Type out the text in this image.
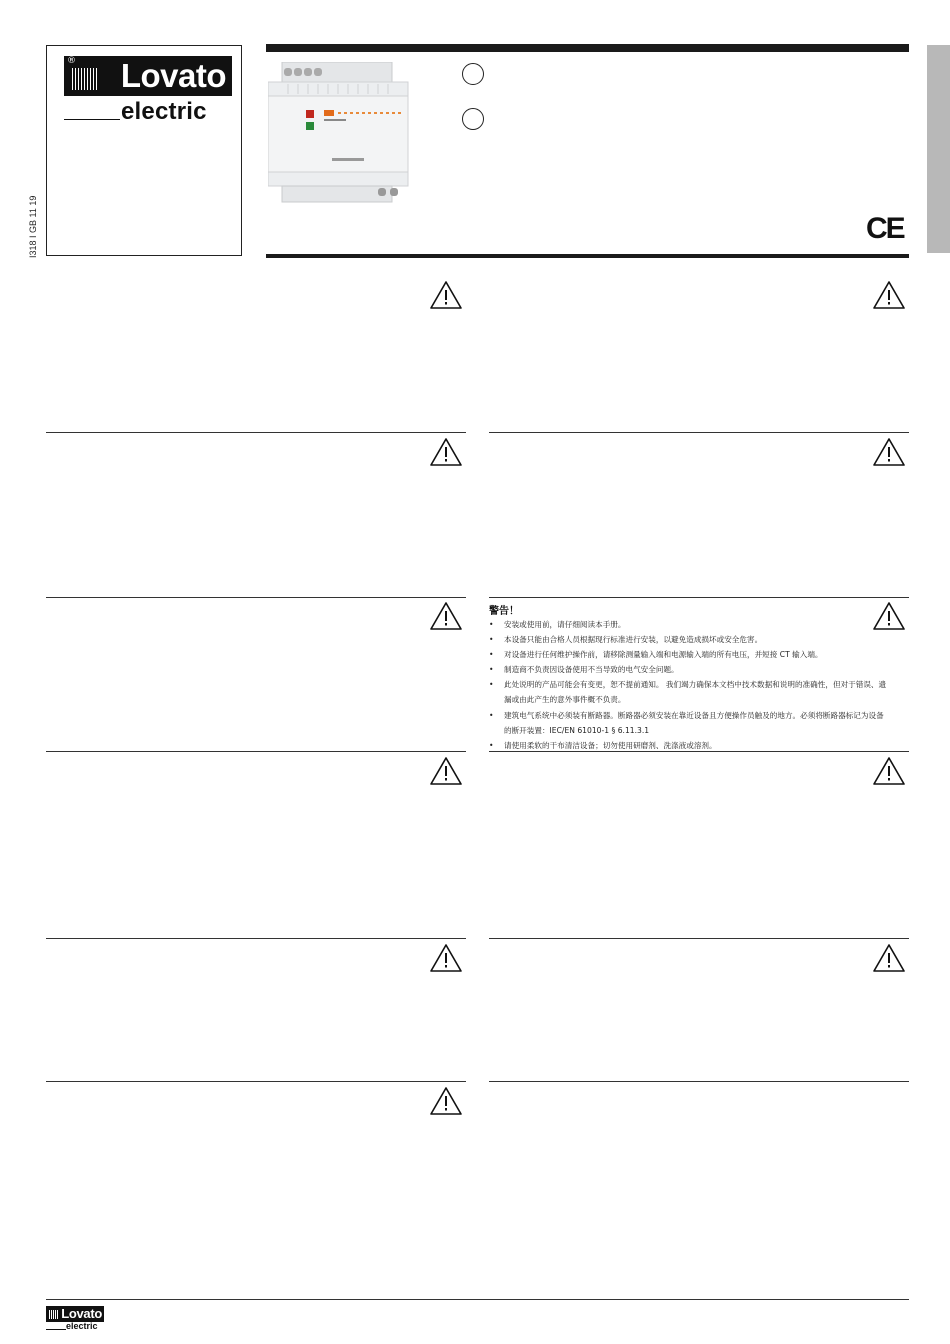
® Lovato
electric
I318 I GB 11 19	CE
警告！
• 安装或使用前，请仔细阅读本手册。
• 本设备只能由合格人员根据现行标准进行安装，以避免造成损坏或安全危害。
• 对设备进行任何维护操作前，请移除测量输入端和电源输入端的所有电压，并短接 CT 输入端。
• 制造商不负责因设备使用不当导致的电气安全问题。
• 此处说明的产品可能会有变更，恕不提前通知。 我们竭力确保本文档中技术数据和说明的准确性，但对于错误、遗漏或由此产生的意外事件概不负责。
• 建筑电气系统中必须装有断路器。断路器必须安装在靠近设备且方便操作员触及的地方。必须将断路器标记为设备的断开装置：IEC/EN 61010-1 § 6.11.3.1
• 请使用柔软的干布清洁设备；切勿使用研磨剂、洗涤液或溶剂。
Lovato
electric
